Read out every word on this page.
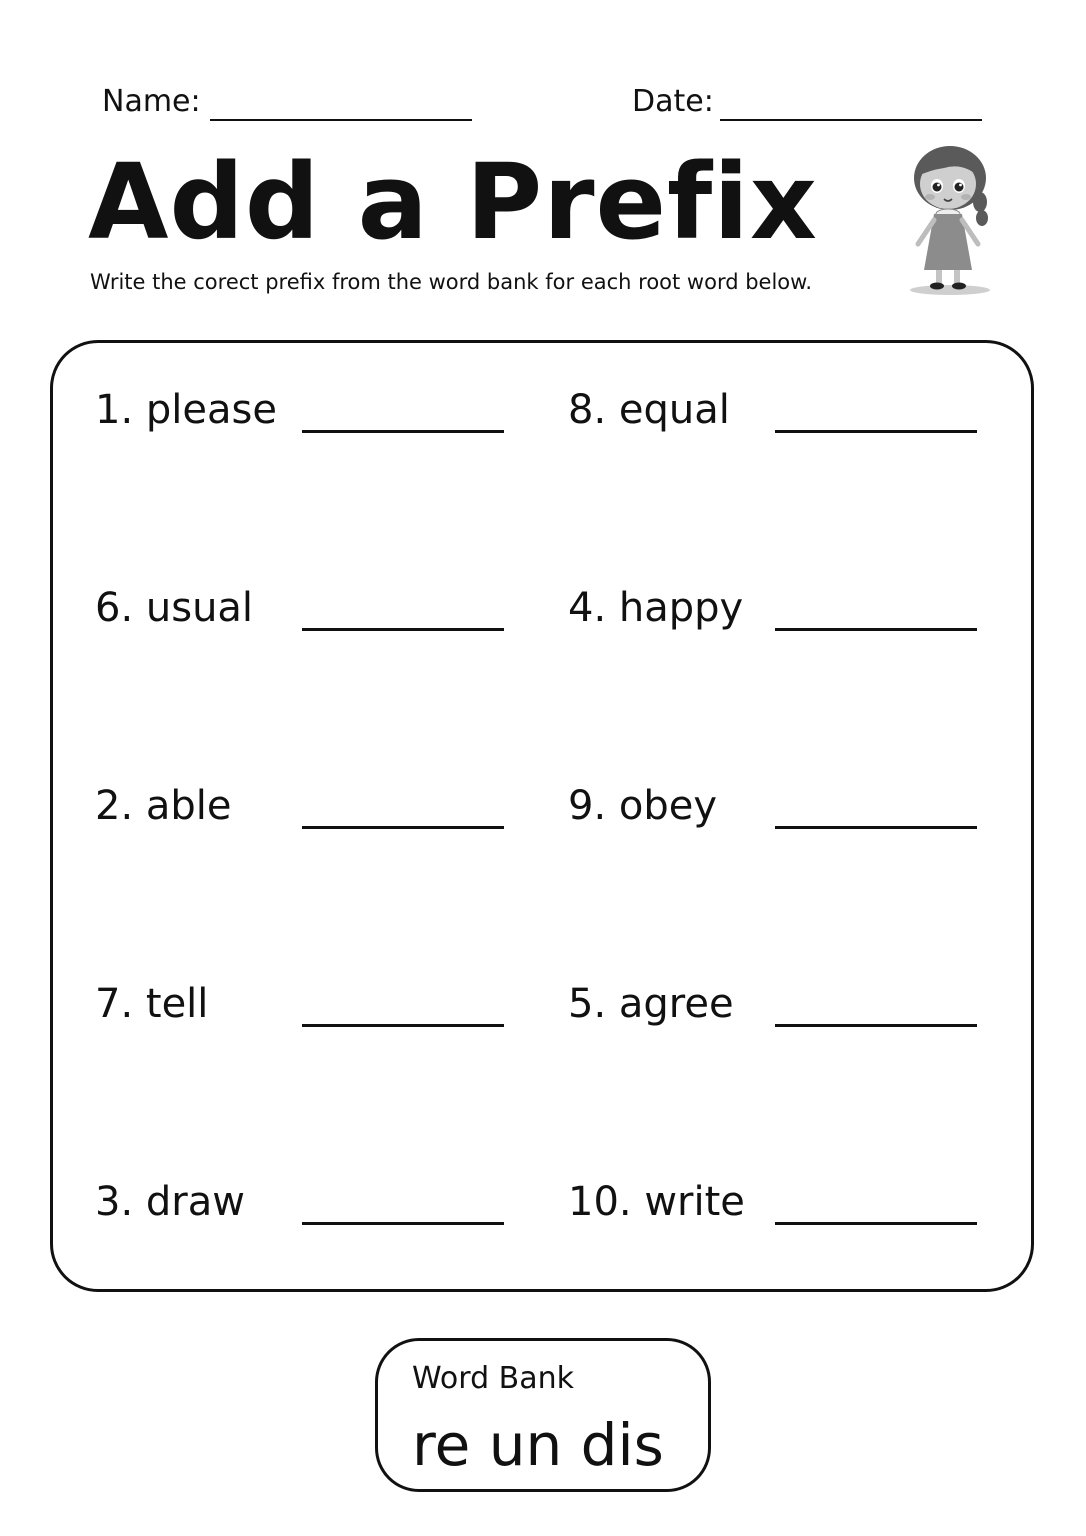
Name:	Date:
Add a Prefix
Write the corect prefix from the word bank for each root word below.
1. please
6. usual
2. able
7. tell
3. draw
8. equal
4. happy
9. obey
5. agree
10. write
Word Bank
re un dis
